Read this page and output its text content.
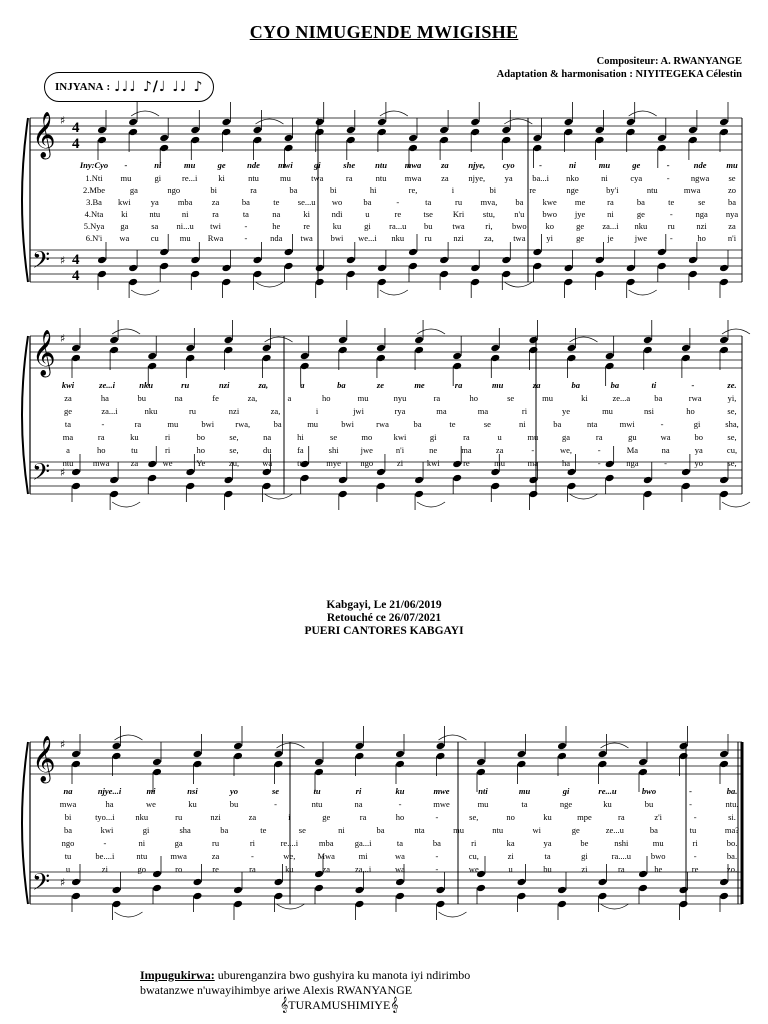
CYO NIMUGENDE MWIGISHE
Compositeur: A. RWANYANGE
Adaptation & harmonisation : NIYITEGEKA Célestin
INJYANA : ♩♩♩ ♪/♩ ♩♩ ♪
𝄞 ♯ 4
4
𝄢 ♯ 4
4
𝄞 ♯
𝄢 ♯
𝄞 ♯
𝄢 ♯
Iny:Cyo -	ni	mu	ge	nde mwi	gi	she ntu mwa za njye, cyo	-	ni	mu	ge	-	nde mu
1.Nti mu	gi re...i ki	ntu mu twa	ra	ntu mwa za njye, ya ba...i nko	ni	cya	-	ngwa se
2.Mbe	ga	ngo	bi	ra	ba	bi	hi	re,	i	bi	re	nge	by'i	ntu	mwa	zo
3.Ba kwi ya mba za	ba	te se...u wo ba	-	ta	ru mva, ba kwe me	ra	ba	te	se	ba
4.Nta ki	ntu	ni	ra	ta	na	ki	ndi	u	re	tse Kri stu, n'u bwo jye	ni	ge	-	nga nya
5.Nya ga	sa ni...u twi	-	he	re	ku	gi ra...u bu twa ri, bwo ko	ge za...i nku ru	nzi	za
6.N'i wa	cu mu Rwa -	nda twa bwi we...i nku ru	nzi za, twa yi	ge	je jwe	-	ho	n'i
kwi	ze...i	nku	ru	nzi	za,	a	ba	ze	me	ra	mu	za	ba	ba	ti	-	ze.
za	ha	bu	na	fe	za,	a	ho	mu	nyu	ra	ho	se	mu	ki	ze...a	ba	rwa	yi,
ge	za...i	nku	ru	nzi	za,	i	jwi	rya	ma	ma	ri	ye	mu	nsi	ho	se,
ta	-	ra	mu	bwi rwa,	ba	mu	bwi	rwa	ba	te	se	ni	ba	nta	mwi	-	gi	sha,
ma	ra	ku	ri	bo	se,	na	hi	se	mo	kwi	gi	ra	u	mu	ga	ra	gu	wa	bo	se,
a	ho	tu	ri	ho	se,	du	fa	shi	jwe	n'i	ne	ma	za	-	we,	-	Ma	na	ya	cu,
ntu mwa za	we	Ye	zu,	wa	tu	mye ngo	zi	kwi	re	mu	ma	ha	-	nga	-	yo	se,
na	njye...i	mi	nsi	yo	se	tu	ri	ku	mwe	nti	mu	gi	re...u	bwo	-	ba.
mwa	ha	we	ku	bu	-	ntu	na	-	mwe	mu	ta	nge	ku	bu	-	ntu.
bi	tyo...i nku	ru	nzi	za	i	ge	ra	ho	-	se,	no	ku	mpe	ra	z'i	-	si.
ba	kwi	gi	sha	ba	te	se	ni	ba	nta	mu	ntu	wi	ge	ze...u	ba	tu	ma?
ngo	-	ni	ga	ru	ri	re....i mba ga...i	ta	ba	ri	ka	ya	be	nshi	mu	ri	bo.
tu	be....i	ntu	mwa	za	-	we,	Mwa	mi	wa	-	cu,	zi	ta	gi	ra....u bwo	-	ba.
u	zi	go	ro	re	ra	ku	za	za...i	wa	-	we	u	bu	zi	ra	he	re	zo.
Kabgayi, Le 21/06/2019
Retouché ce 26/07/2021
PUERI CANTORES KABGAYI
Impugukirwa: uburenganzira bwo gushyira ku manota iyi ndirimbo
bwatanzwe n'uwayihimbye ariwe Alexis RWANYANGE
𝄞TURAMUSHIMIYE𝄞
